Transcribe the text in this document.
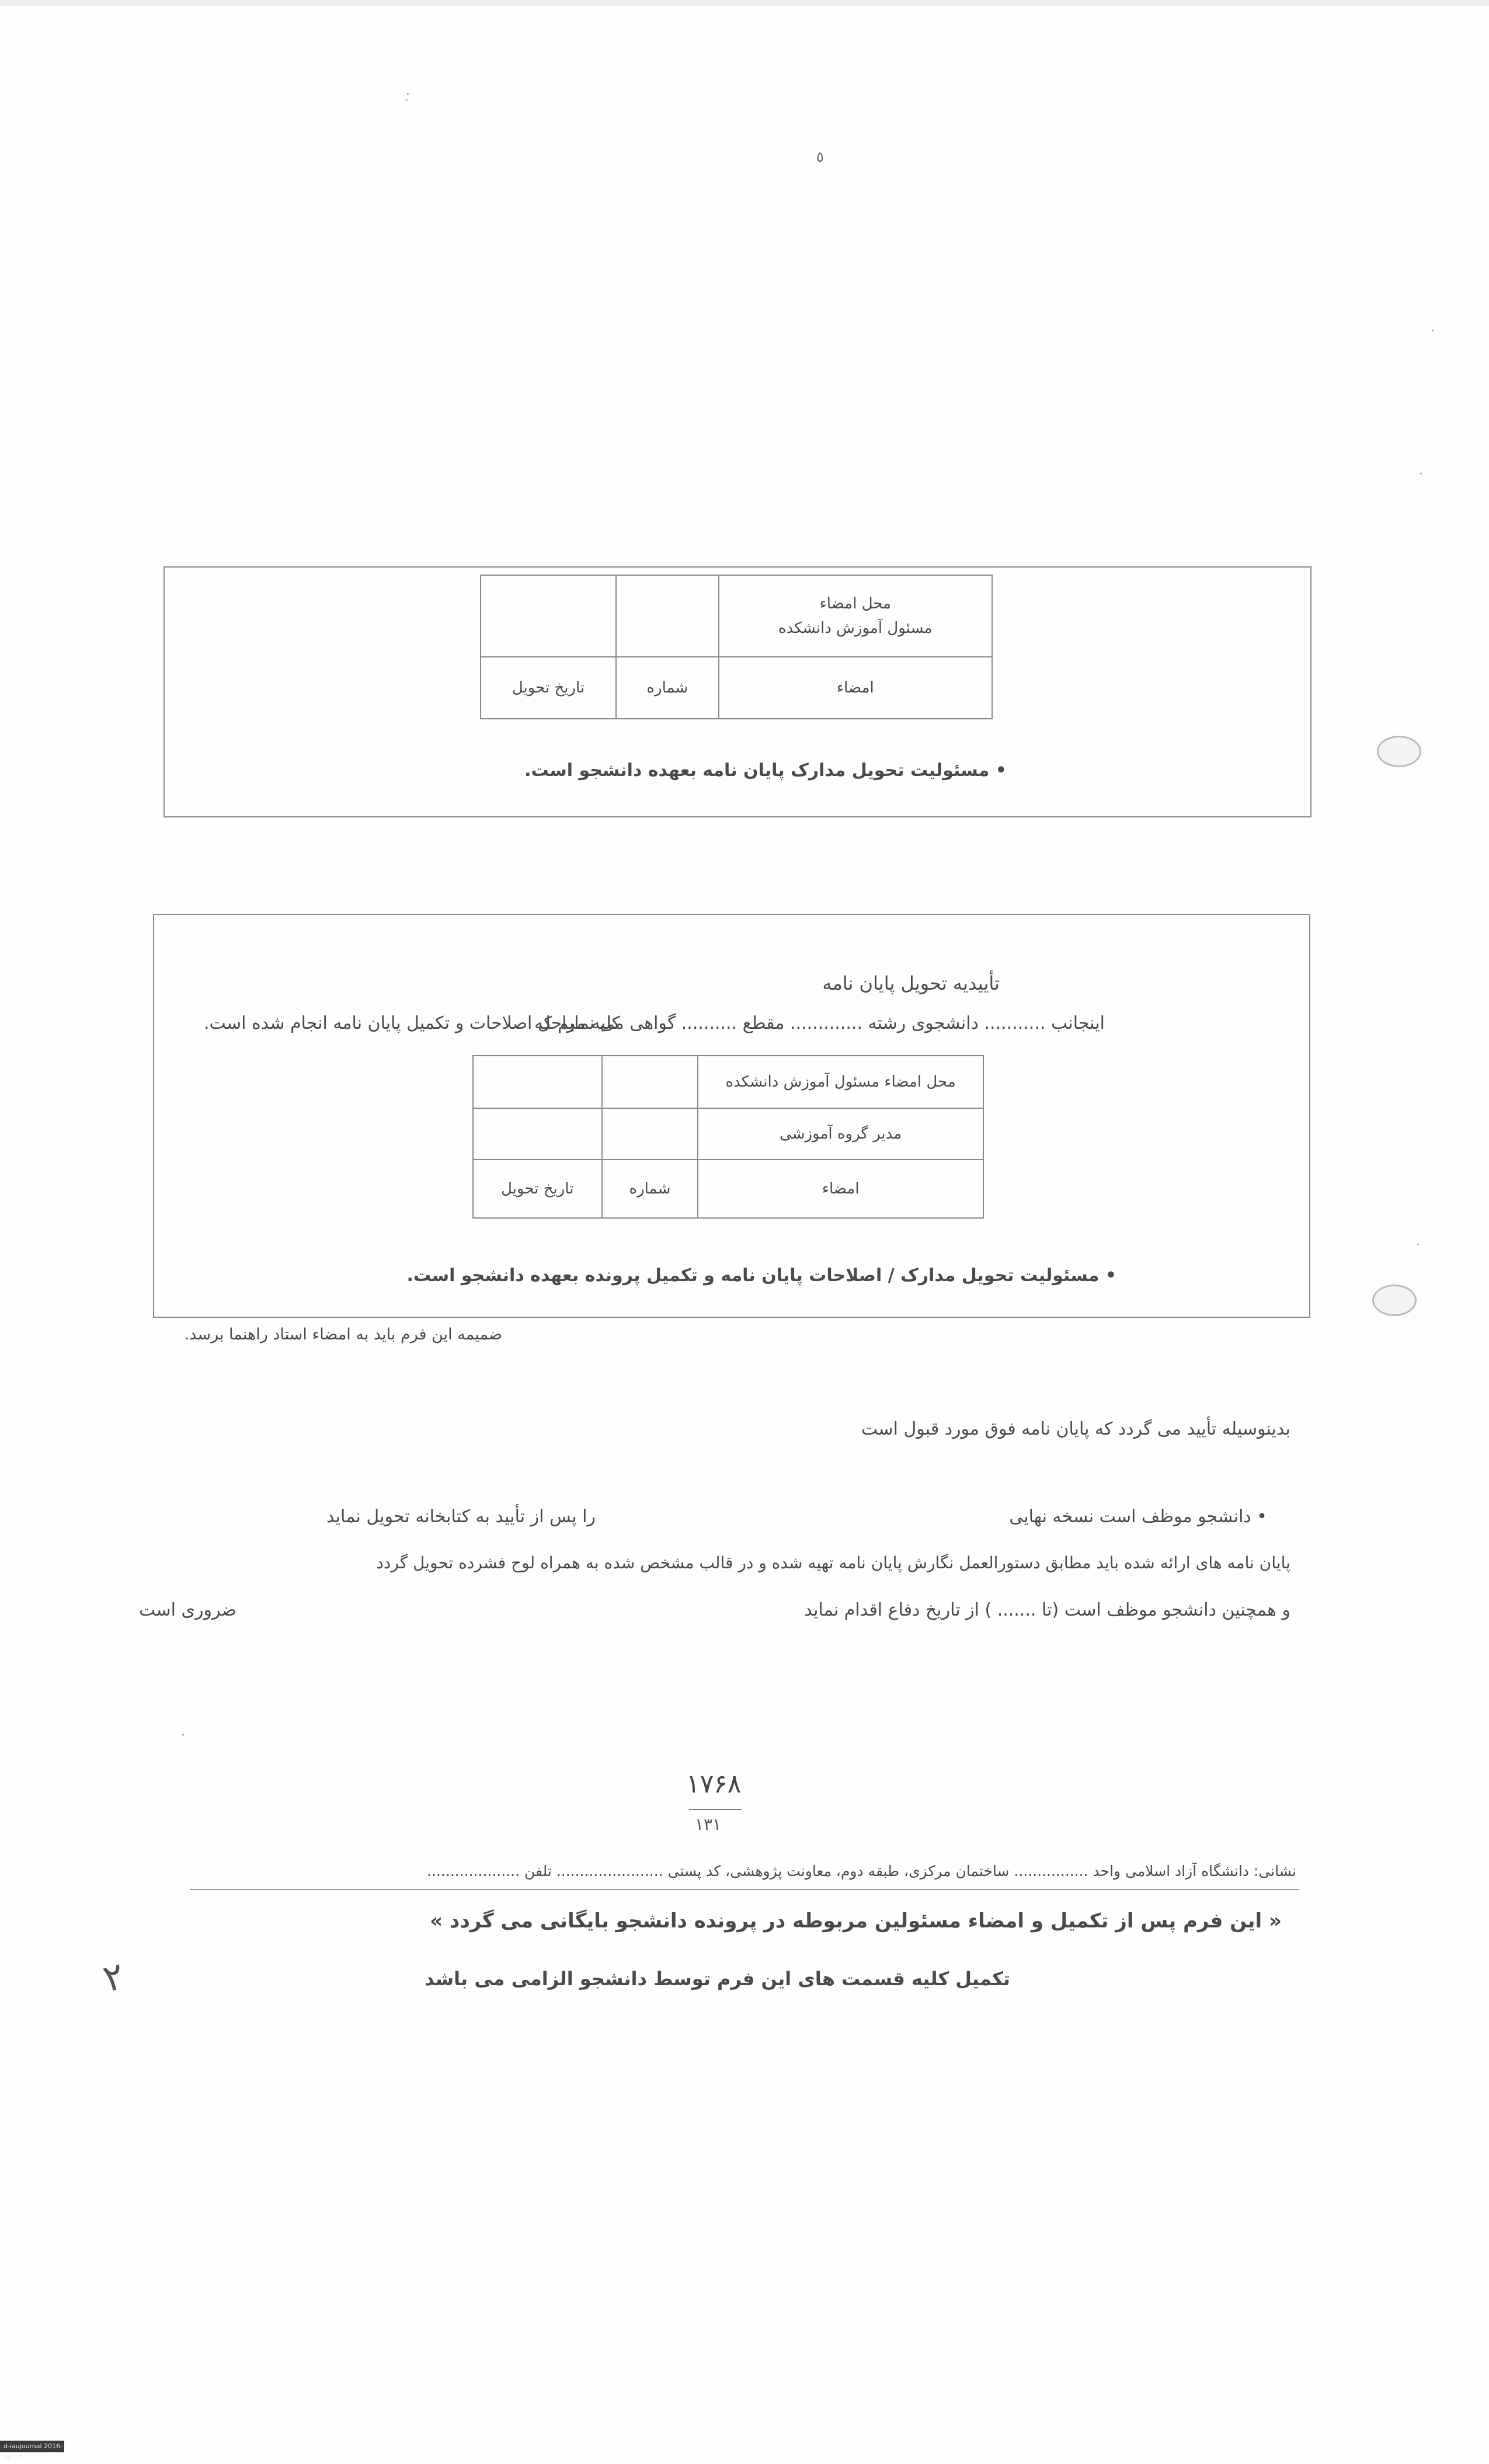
٥
·̣
·
·
·
·
محل امضاء
مسئول آموزش دانشکده		

امضاء	شماره	تاریخ تحویل
• مسئولیت تحویل مدارک پایان نامه بعهده دانشجو است.
تأییدیه تحویل پایان نامه
اینجانب ........... دانشجوی رشته ............. مقطع .......... گواهی می نمایم که
کلیه مراحل اصلاحات و تکمیل پایان نامه انجام شده است.
محل امضاء مسئول آموزش دانشکده		
مدیر گروه آموزشی		
امضاء	شماره	تاریخ تحویل
• مسئولیت تحویل مدارک / اصلاحات پایان نامه و تکمیل پرونده بعهده دانشجو است.
ضمیمه این فرم باید به امضاء استاد راهنما برسد.
بدینوسیله تأیید می گردد که پایان نامه فوق مورد قبول است
• دانشجو موظف است نسخه نهایی
را پس از تأیید به کتابخانه تحویل نماید
پایان نامه های ارائه شده باید مطابق دستورالعمل نگارش پایان نامه تهیه شده و در قالب مشخص شده به همراه لوح فشرده تحویل گردد
و همچنین دانشجو موظف است (تا ....... ) از تاریخ دفاع اقدام نماید
ضروری است
۱۷۶۸
۱۳۱
نشانی: دانشگاه آزاد اسلامی واحد ................ ساختمان مرکزی، طبقه دوم، معاونت پژوهشی، کد پستی ....................... تلفن ....................
« این فرم پس از تکمیل و امضاء مسئولین مربوطه در پرونده دانشجو بایگانی می گردد »
تکمیل کلیه قسمت های این فرم توسط دانشجو الزامی می باشد
٢
d-iaujournal 2016-06-07
